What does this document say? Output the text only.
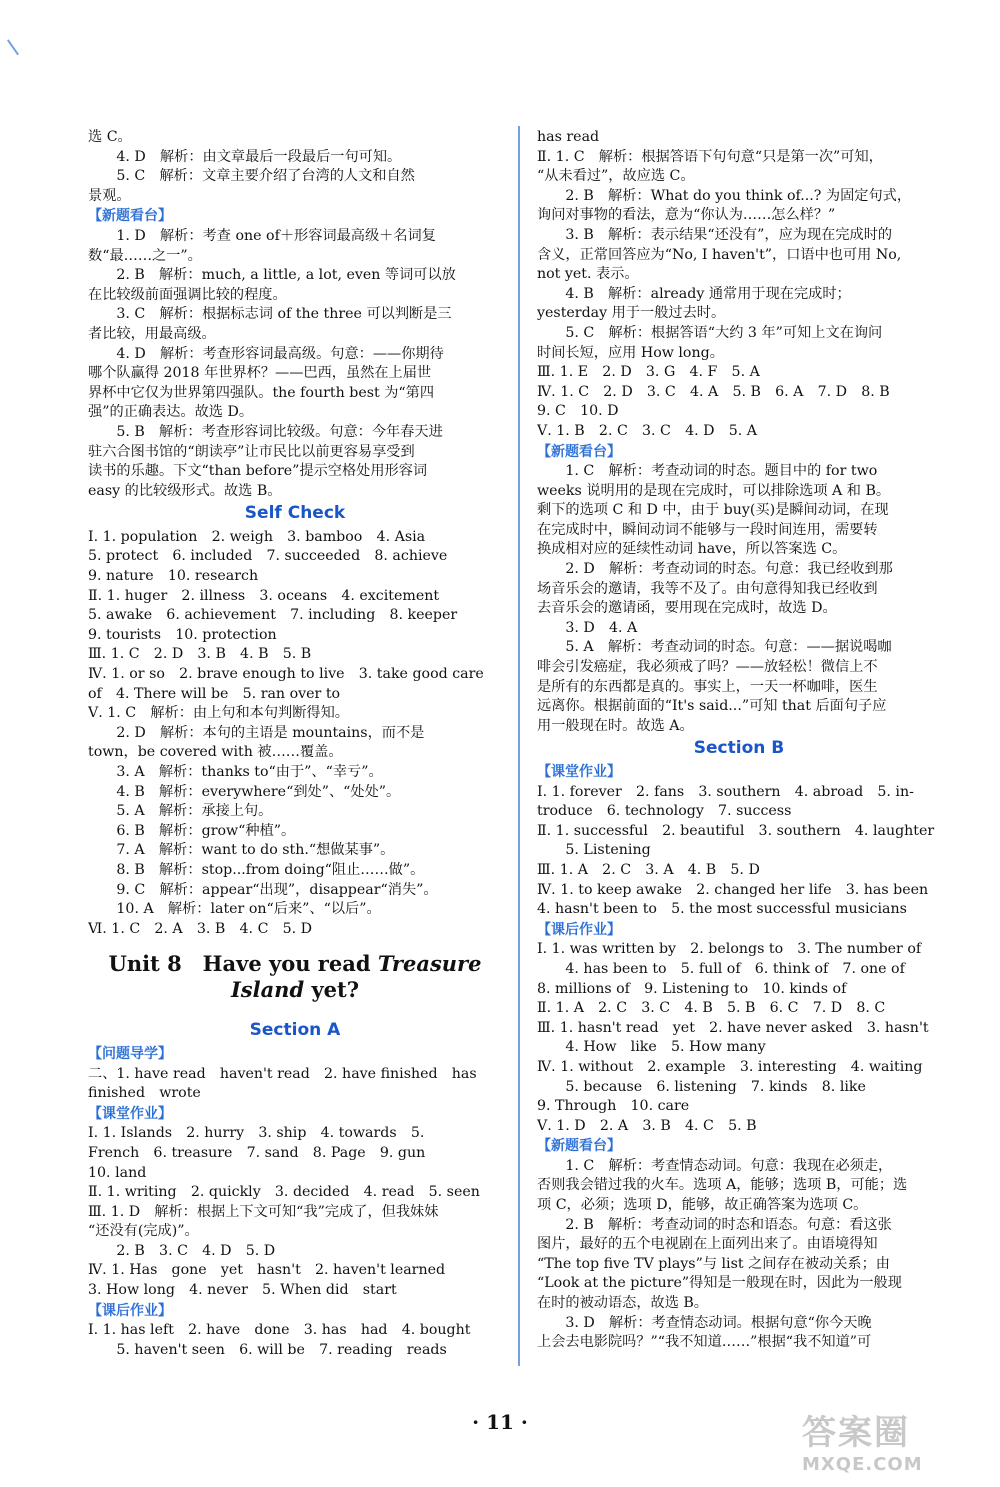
选 C。
4. D　解析：由文章最后一段最后一句可知。
5. C　解析：文章主要介绍了台湾的人文和自然
景观。
【新题看台】
1. D　解析：考查 one of＋形容词最高级＋名词复
数“最……之一”。
2. B　解析：much, a little, a lot, even 等词可以放
在比较级前面强调比较的程度。
3. C　解析：根据标志词 of the three 可以判断是三
者比较，用最高级。
4. D　解析：考查形容词最高级。句意：——你期待
哪个队赢得 2018 年世界杯？——巴西，虽然在上届世
界杯中它仅为世界第四强队。the fourth best 为“第四
强”的正确表达。故选 D。
5. B　解析：考查形容词比较级。句意：今年春天进
驻六合图书馆的“朗读亭”让市民比以前更容易享受到
读书的乐趣。下文“than before”提示空格处用形容词
easy 的比较级形式。故选 B。
Self Check
Ⅰ. 1. population　2. weigh　3. bamboo　4. Asia
5. protect　6. included　7. succeeded　8. achieve
9. nature　10. research
Ⅱ. 1. huger　2. illness　3. oceans　4. excitement
5. awake　6. achievement　7. including　8. keeper
9. tourists　10. protection
Ⅲ. 1. C　2. D　3. B　4. B　5. B
Ⅳ. 1. or so　2. brave enough to live　3. take good care
of　4. There will be　5. ran over to
Ⅴ. 1. C　解析：由上句和本句判断得知。
2. D　解析：本句的主语是 mountains，而不是
town，be covered with 被……覆盖。
3. A　解析：thanks to“由于”、“幸亏”。
4. B　解析：everywhere“到处”、“处处”。
5. A　解析：承接上句。
6. B　解析：grow“种植”。
7. A　解析：want to do sth.“想做某事”。
8. B　解析：stop...from doing“阻止……做”。
9. C　解析：appear“出现”，disappear“消失”。
10. A　解析：later on“后来”、“以后”。
Ⅵ. 1. C　2. A　3. B　4. C　5. D
Unit 8　Have you read Treasure
Island yet?
Section A
【问题导学】
二、1. have read　haven't read　2. have finished　has
finished　wrote
【课堂作业】
Ⅰ. 1. Islands　2. hurry　3. ship　4. towards　5.
French　6. treasure　7. sand　8. Page　9. gun
10. land
Ⅱ. 1. writing　2. quickly　3. decided　4. read　5. seen
Ⅲ. 1. D　解析：根据上下文可知“我”完成了，但我妹妹
“还没有(完成)”。
2. B　3. C　4. D　5. D
Ⅳ. 1. Has　gone　yet　hasn't　2. haven't learned
3. How long　4. never　5. When did　start
【课后作业】
Ⅰ. 1. has left　2. have　done　3. has　had　4. bought
5. haven't seen　6. will be　7. reading　reads
has read
Ⅱ. 1. C　解析：根据答语下句句意“只是第一次”可知，
“从未看过”，故应选 C。
2. B　解析：What do you think of...? 为固定句式，
询问对事物的看法，意为“你认为……怎么样？”
3. B　解析：表示结果“还没有”，应为现在完成时的
含义，正常回答应为“No, I haven't”，口语中也可用 No,
not yet. 表示。
4. B　解析：already 通常用于现在完成时；
yesterday 用于一般过去时。
5. C　解析：根据答语“大约 3 年”可知上文在询问
时间长短，应用 How long。
Ⅲ. 1. E　2. D　3. G　4. F　5. A
Ⅳ. 1. C　2. D　3. C　4. A　5. B　6. A　7. D　8. B
9. C　10. D
Ⅴ. 1. B　2. C　3. C　4. D　5. A
【新题看台】
1. C　解析：考查动词的时态。题目中的 for two
weeks 说明用的是现在完成时，可以排除选项 A 和 B。
剩下的选项 C 和 D 中，由于 buy(买)是瞬间动词，在现
在完成时中，瞬间动词不能够与一段时间连用，需要转
换成相对应的延续性动词 have，所以答案选 C。
2. D　解析：考查动词的时态。句意：我已经收到那
场音乐会的邀请，我等不及了。由句意得知我已经收到
去音乐会的邀请函，要用现在完成时，故选 D。
3. D　4. A
5. A　解析：考查动词的时态。句意：——据说喝咖
啡会引发癌症，我必须戒了吗？——放轻松！微信上不
是所有的东西都是真的。事实上，一天一杯咖啡，医生
远离你。根据前面的“It's said...”可知 that 后面句子应
用一般现在时。故选 A。
Section B
【课堂作业】
Ⅰ. 1. forever　2. fans　3. southern　4. abroad　5. in-
troduce　6. technology　7. success
Ⅱ. 1. successful　2. beautiful　3. southern　4. laughter
5. Listening
Ⅲ. 1. A　2. C　3. A　4. B　5. D
Ⅳ. 1. to keep awake　2. changed her life　3. has been
4. hasn't been to　5. the most successful musicians
【课后作业】
Ⅰ. 1. was written by　2. belongs to　3. The number of
4. has been to　5. full of　6. think of　7. one of
8. millions of　9. Listening to　10. kinds of
Ⅱ. 1. A　2. C　3. C　4. B　5. B　6. C　7. D　8. C
Ⅲ. 1. hasn't read　yet　2. have never asked　3. hasn't
4. How　like　5. How many
Ⅳ. 1. without　2. example　3. interesting　4. waiting
5. because　6. listening　7. kinds　8. like
9. Through　10. care
Ⅴ. 1. D　2. A　3. B　4. C　5. B
【新题看台】
1. C　解析：考查情态动词。句意：我现在必须走，
否则我会错过我的火车。选项 A，能够；选项 B，可能；选
项 C，必须；选项 D，能够，故正确答案为选项 C。
2. B　解析：考查动词的时态和语态。句意：看这张
图片，最好的五个电视剧在上面列出来了。由语境得知
“The top five TV plays”与 list 之间存在被动关系；由
“Look at the picture”得知是一般现在时，因此为一般现
在时的被动语态，故选 B。
3. D　解析：考查情态动词。根据句意“你今天晚
上会去电影院吗？”“我不知道……”根据“我不知道”可
· 11 ·	答案圈
MXQE.COM
